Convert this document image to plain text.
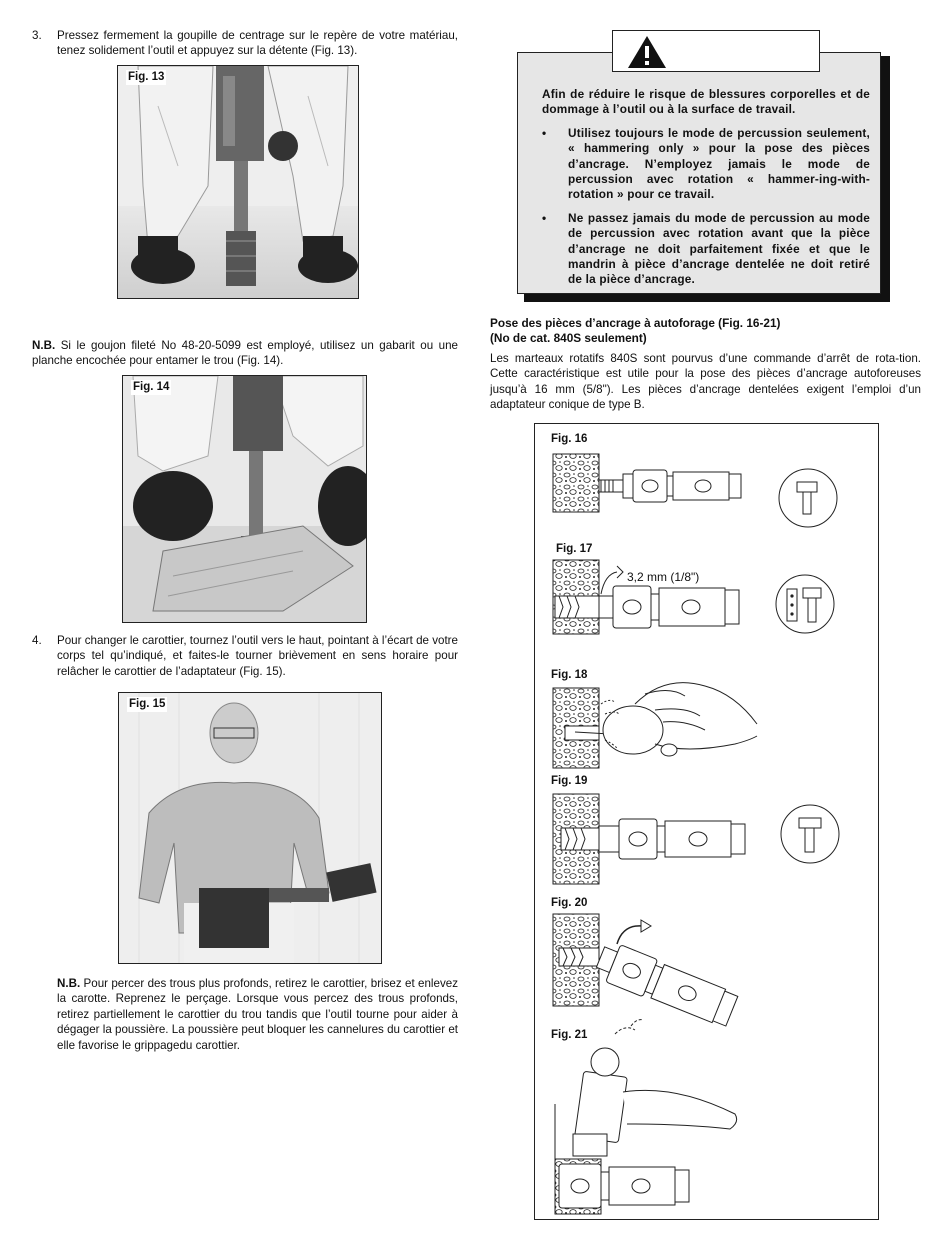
3. Pressez fermement la goupille de centrage sur le repère de votre matériau, tenez solidement l’outil et appuyez sur la détente (Fig. 13).
Fig. 13
N.B. Si le goujon fileté No 48-20-5099 est employé, utilisez un gabarit ou une planche encochée pour entamer le trou (Fig. 14).
Fig. 14
4. Pour changer le carottier, tournez l’outil vers le haut, pointant à l’écart de votre corps tel qu’indiqué, et faites-le tourner brièvement en sens horaire pour relâcher le carottier de l’adaptateur (Fig. 15).
Fig. 15
N.B. Pour percer des trous plus profonds, retirez le carottier, brisez et enlevez la carotte. Reprenez le perçage. Lorsque vous percez des trous profonds, retirez partiellement le carottier du trou tandis que l’outil tourne pour aider à dégager la poussière. La poussière peut bloquer les cannelures du carottier et elle favorise le grippagedu carottier.
Afin de réduire le risque de blessures corporelles et de dommage à l’outil ou à la surface de travail.
• Utilisez toujours le mode de percussion seulement, « hammering only » pour la pose des pièces d’ancrage. N’employez jamais le mode de percussion avec rotation « hammer-ing-with-rotation » pour ce travail.
• Ne passez jamais du mode de percussion au mode de percussion avec rotation avant que la pièce d’ancrage ne doit parfaitement fixée et que le mandrin à pièce d’ancrage dentelée ne doit retiré de la pièce d’ancrage.
Pose des pièces d’ancrage à autoforage (Fig. 16-21)
(No de cat. 840S seulement)
Les marteaux rotatifs 840S sont pourvus d’une commande d’arrêt de rota-tion. Cette caractéristique est utile pour la pose des pièces d’ancrage autoforeuses jusqu’à 16 mm (5/8"). Les pièces d’ancrage dentelées exigent l’emploi d’un adaptateur conique de type B.
Fig. 16
Fig. 17
Fig. 18
Fig. 19
Fig. 20
Fig. 21
3,2 mm (1/8")
